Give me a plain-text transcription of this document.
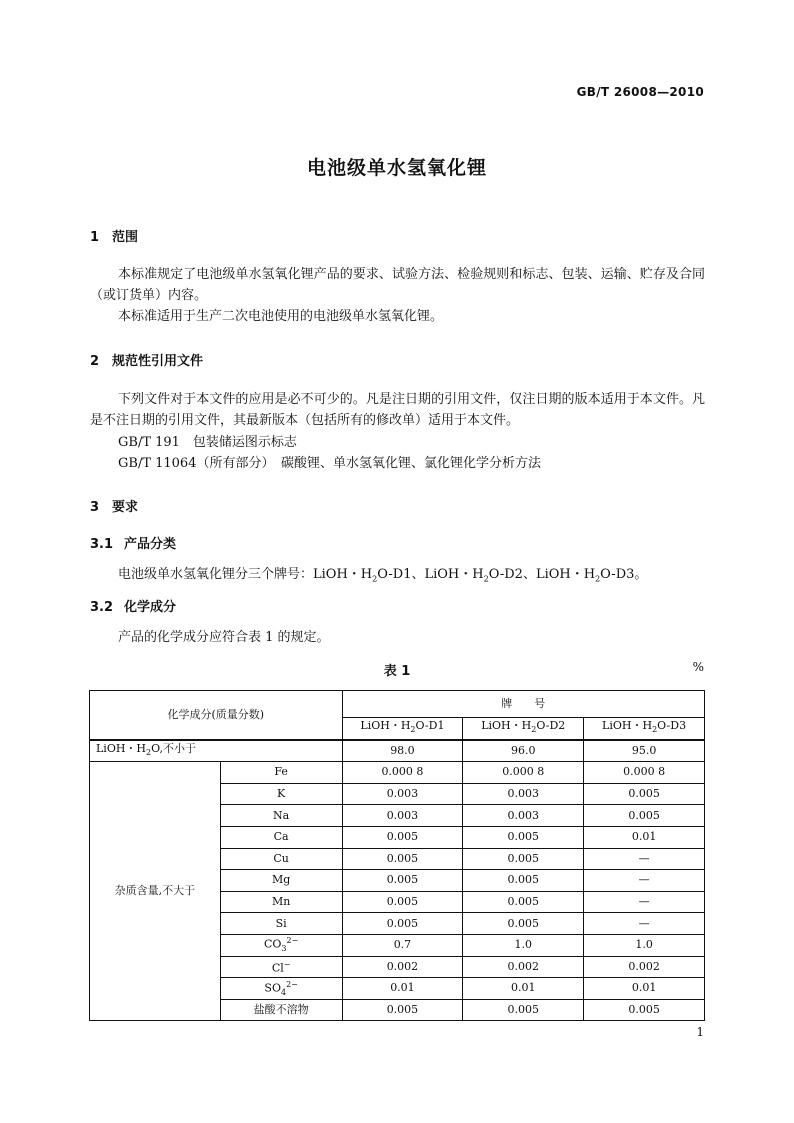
GB/T 26008—2010
电池级单水氢氧化锂
1 范围
本标准规定了电池级单水氢氧化锂产品的要求、试验方法、检验规则和标志、包装、运输、贮存及合同（或订货单）内容。
本标准适用于生产二次电池使用的电池级单水氢氧化锂。
2 规范性引用文件
下列文件对于本文件的应用是必不可少的。凡是注日期的引用文件，仅注日期的版本适用于本文件。凡是不注日期的引用文件，其最新版本（包括所有的修改单）适用于本文件。
GB/T 191　包装储运图示标志
GB/T 11064（所有部分）　碳酸锂、单水氢氧化锂、氯化锂化学分析方法
3 要求
3.1 产品分类
电池级单水氢氧化锂分三个牌号：LiOH・$H_2O-D1$、LiOH・$H_2O-D2$、LiOH・$H_2O-D3$。
3.2 化学成分
产品的化学成分应符合表 1 的规定。
表 1	%
化学成分(质量分数)		牌　　号		
		LiOH・$H_2O-D1$	LiOH・$H_2O-D2$	LiOH・$H_2O-D3$
LiOH・$H_2O$,不小于		98.0	96.0	95.0
杂质含量,不大于	Fe	0.000 8	0.000 8	0.000 8
	K	0.003	0.003	0.005
	Na	0.003	0.003	0.005
	Ca	0.005	0.005	0.01
	Cu	0.005	0.005	—
	Mg	0.005	0.005	—
	Mn	0.005	0.005	—
	Si	0.005	0.005	—
	$CO_3^{2-}$	0.7	1.0	1.0
	Cl−	0.002	0.002	0.002
	$SO_4^{2-}$	0.01	0.01	0.01
	盐酸不溶物	0.005	0.005	0.005
1
